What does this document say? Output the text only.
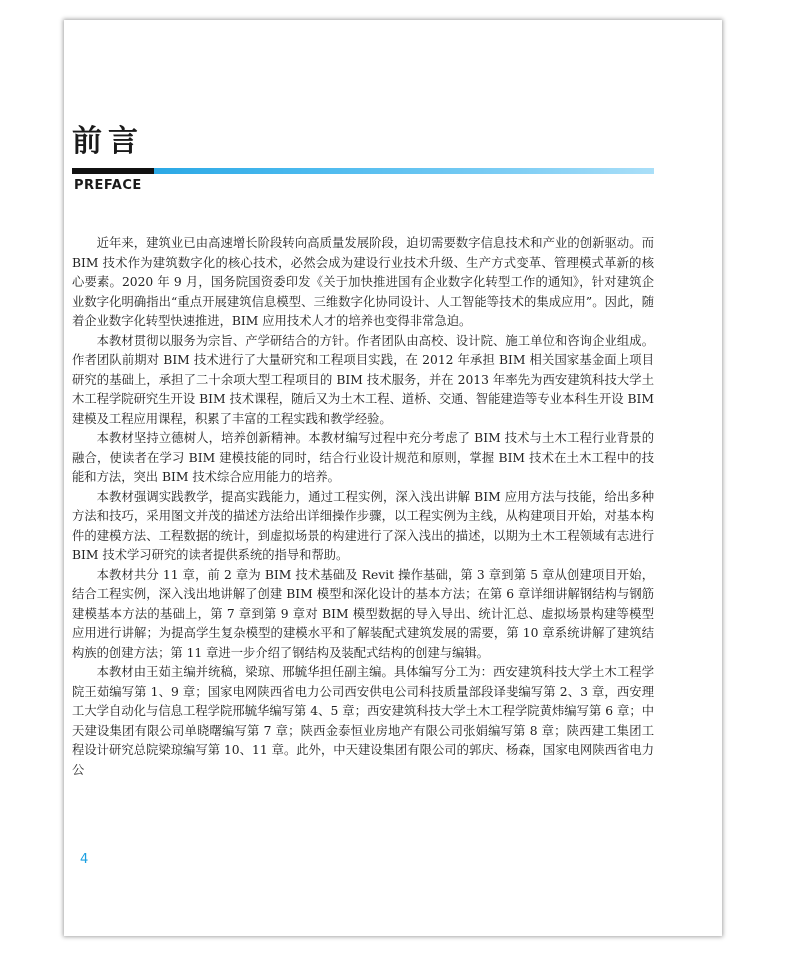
前言
PREFACE

近年来，建筑业已由高速增长阶段转向高质量发展阶段，迫切需要数字信息技术和产业的创新驱动。而 BIM 技术作为建筑数字化的核心技术，必然会成为建设行业技术升级、生产方式变革、管理模式革新的核心要素。2020 年 9 月，国务院国资委印发《关于加快推进国有企业数字化转型工作的通知》，针对建筑企业数字化明确指出“重点开展建筑信息模型、三维数字化协同设计、人工智能等技术的集成应用”。因此，随着企业数字化转型快速推进，BIM 应用技术人才的培养也变得非常急迫。

本教材贯彻以服务为宗旨、产学研结合的方针。作者团队由高校、设计院、施工单位和咨询企业组成。作者团队前期对 BIM 技术进行了大量研究和工程项目实践，在 2012 年承担 BIM 相关国家基金面上项目研究的基础上，承担了二十余项大型工程项目的 BIM 技术服务，并在 2013 年率先为西安建筑科技大学土木工程学院研究生开设 BIM 技术课程，随后又为土木工程、道桥、交通、智能建造等专业本科生开设 BIM 建模及工程应用课程，积累了丰富的工程实践和教学经验。

本教材坚持立德树人，培养创新精神。本教材编写过程中充分考虑了 BIM 技术与土木工程行业背景的融合，使读者在学习 BIM 建模技能的同时，结合行业设计规范和原则，掌握 BIM 技术在土木工程中的技能和方法，突出 BIM 技术综合应用能力的培养。

本教材强调实践教学，提高实践能力，通过工程实例，深入浅出讲解 BIM 应用方法与技能，给出多种方法和技巧，采用图文并茂的描述方法给出详细操作步骤，以工程实例为主线，从构建项目开始，对基本构件的建模方法、工程数据的统计，到虚拟场景的构建进行了深入浅出的描述，以期为土木工程领域有志进行 BIM 技术学习研究的读者提供系统的指导和帮助。

本教材共分 11 章，前 2 章为 BIM 技术基础及 Revit 操作基础，第 3 章到第 5 章从创建项目开始，结合工程实例，深入浅出地讲解了创建 BIM 模型和深化设计的基本方法；在第 6 章详细讲解钢结构与钢筋建模基本方法的基础上，第 7 章到第 9 章对 BIM 模型数据的导入导出、统计汇总、虚拟场景构建等模型应用进行讲解；为提高学生复杂模型的建模水平和了解装配式建筑发展的需要，第 10 章系统讲解了建筑结构族的创建方法；第 11 章进一步介绍了钢结构及装配式结构的创建与编辑。

本教材由王茹主编并统稿，梁琼、邢毓华担任副主编。具体编写分工为：西安建筑科技大学土木工程学院王茹编写第 1、9 章；国家电网陕西省电力公司西安供电公司科技质量部段译斐编写第 2、3 章，西安理工大学自动化与信息工程学院邢毓华编写第 4、5 章；西安建筑科技大学土木工程学院黄炜编写第 6 章；中天建设集团有限公司单晓曙编写第 7 章；陕西金泰恒业房地产有限公司张娟编写第 8 章；陕西建工集团工程设计研究总院梁琼编写第 10、11 章。此外，中天建设集团有限公司的郭庆、杨森，国家电网陕西省电力公

4
